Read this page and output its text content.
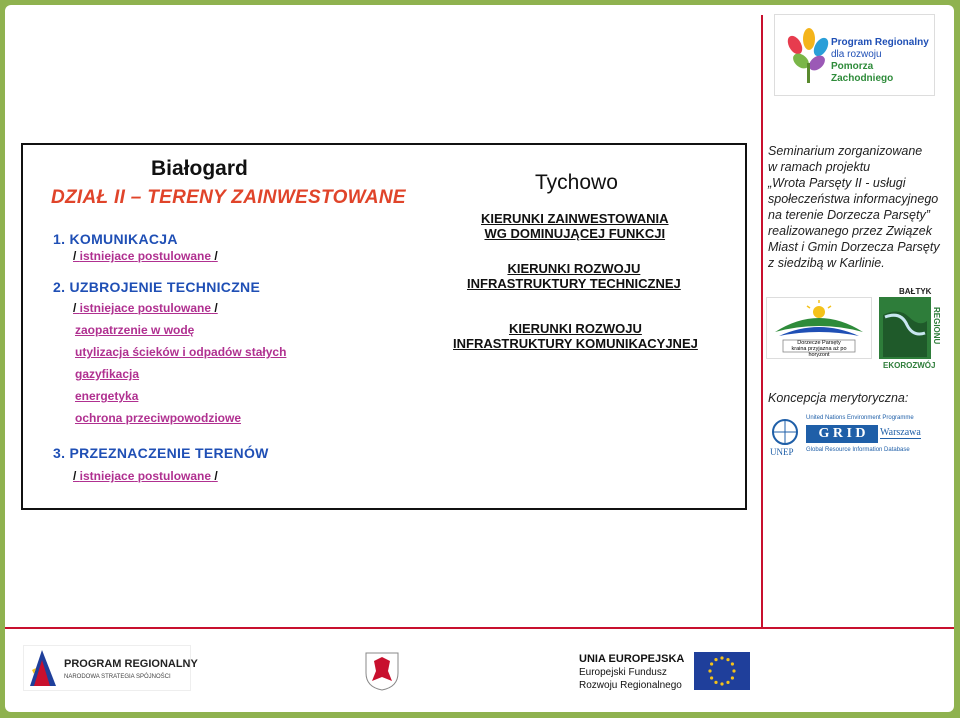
Białogard
Tychowo
DZIAŁ II – TERENY ZAINWESTOWANE
1. KOMUNIKACJA
/ istniejace postulowane /
2. UZBROJENIE TECHNICZNE
/ istniejace postulowane /
zaopatrzenie w wodę
utylizacja ścieków i odpadów stałych
gazyfikacja
energetyka
ochrona przeciwpowodziowe
3. PRZEZNACZENIE TERENÓW
/ istniejace postulowane /
KIERUNKI ZAINWESTOWANIA
WG DOMINUJĄCEJ FUNKCJI
KIERUNKI ROZWOJU
INFRASTRUKTURY TECHNICZNEJ
KIERUNKI ROZWOJU
INFRASTRUKTURY KOMUNIKACYJNEJ
Program Regionalny
dla rozwoju
Pomorza Zachodniego
Seminarium zorganizowane
w ramach projektu
„Wrota Parsęty II - usługi
społeczeństwa informacyjnego
na terenie Dorzecza Parsęty”
realizowanego przez Związek
Miast i Gmin Dorzecza Parsęty
z siedzibą w Karlinie.
Dorzecze Parsęty
kraina przyjazna aż po horyzont
BAŁTYK
REGIONU
EKOROZWÓJ
Koncepcja merytoryczna:
UNEP
United Nations Environment Programme
G R I D	Warszawa
Global Resource Information Database
PROGRAM REGIONALNY
NARODOWA STRATEGIA SPÓJNOŚCI
UNIA EUROPEJSKA
Europejski Fundusz
Rozwoju Regionalnego
